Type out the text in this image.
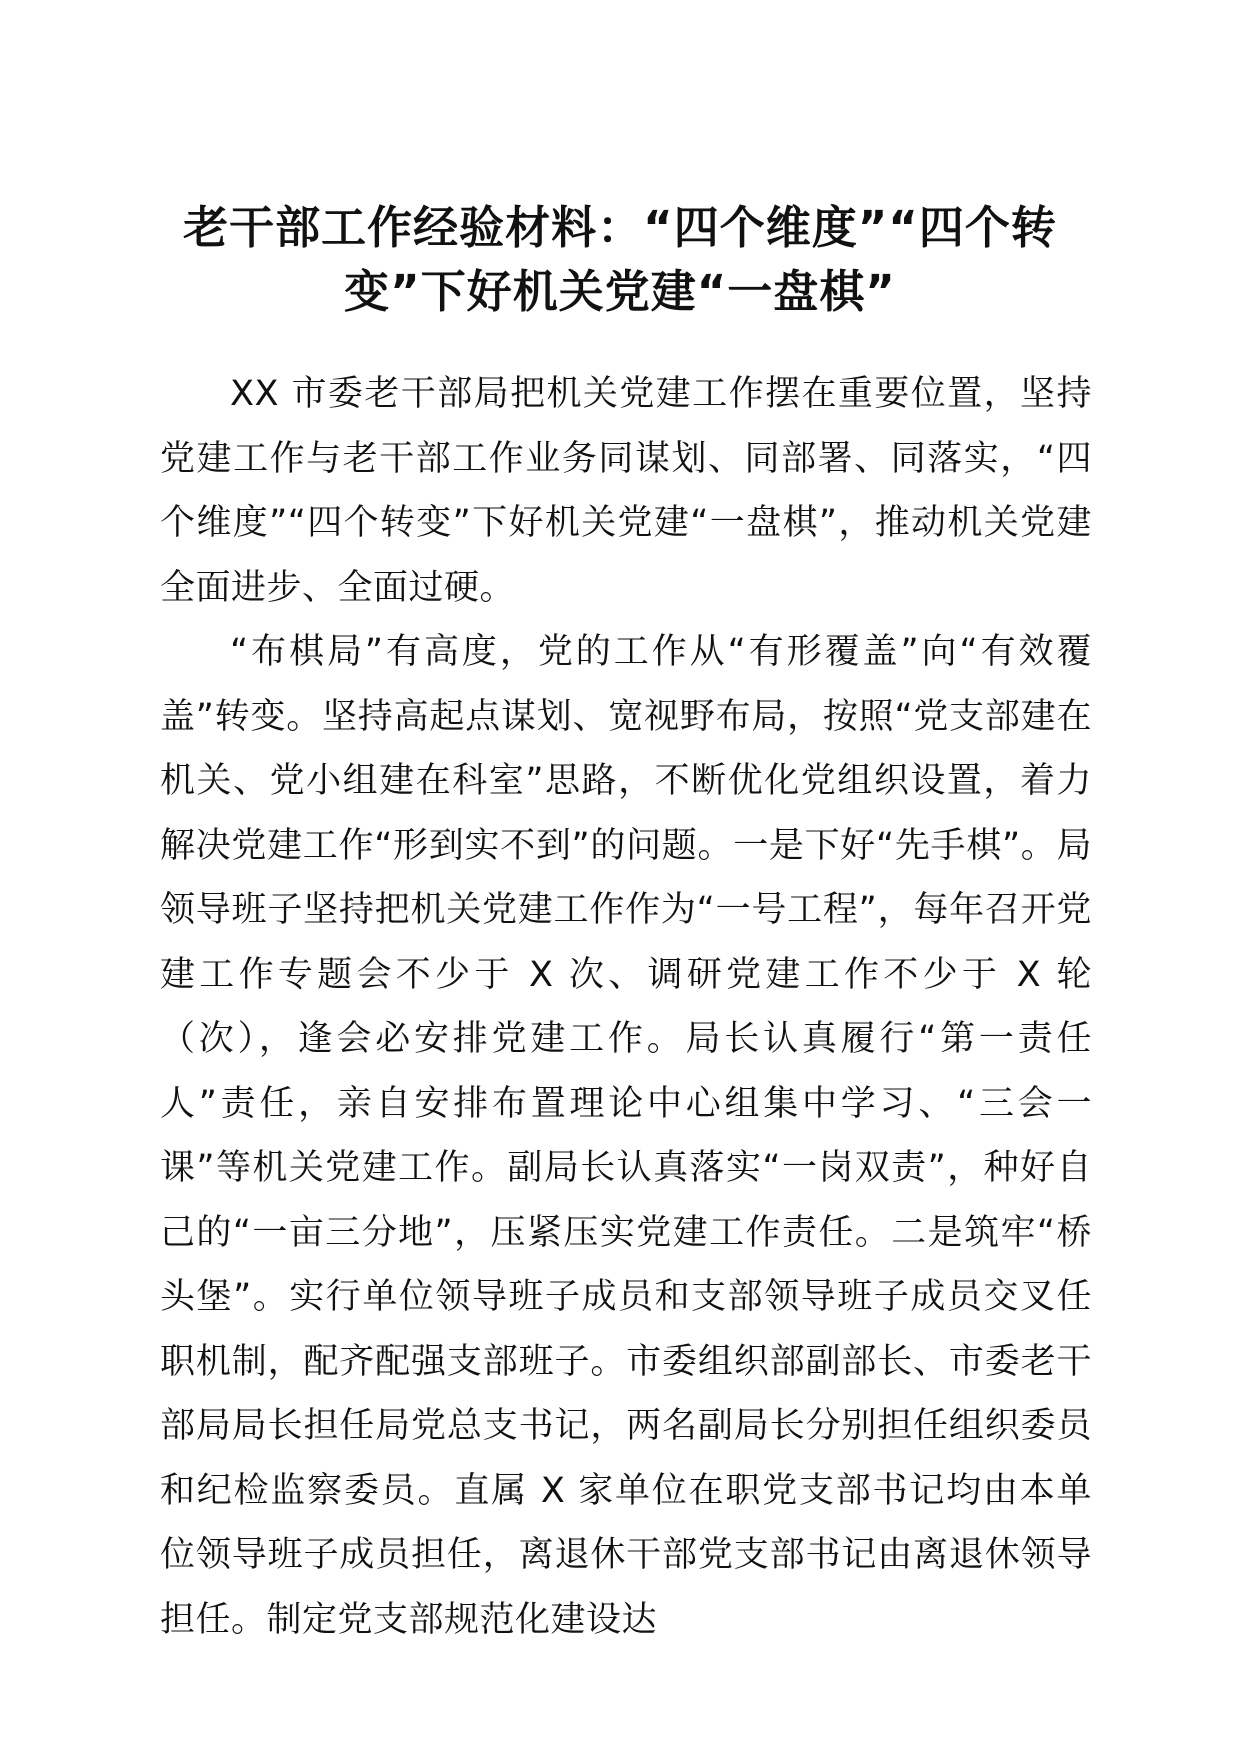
老干部工作经验材料：“四个维度”“四个转变”下好机关党建“一盘棋”

XX 市委老干部局把机关党建工作摆在重要位置，坚持党建工作与老干部工作业务同谋划、同部署、同落实，“四个维度”“四个转变”下好机关党建“一盘棋”，推动机关党建全面进步、全面过硬。

“布棋局”有高度，党的工作从“有形覆盖”向“有效覆盖”转变。坚持高起点谋划、宽视野布局，按照“党支部建在机关、党小组建在科室”思路，不断优化党组织设置，着力解决党建工作“形到实不到”的问题。一是下好“先手棋”。局领导班子坚持把机关党建工作作为“一号工程”，每年召开党建工作专题会不少于 X 次、调研党建工作不少于 X 轮（次），逢会必安排党建工作。局长认真履行“第一责任人”责任，亲自安排布置理论中心组集中学习、“三会一课”等机关党建工作。副局长认真落实“一岗双责”，种好自己的“一亩三分地”，压紧压实党建工作责任。二是筑牢“桥头堡”。实行单位领导班子成员和支部领导班子成员交叉任职机制，配齐配强支部班子。市委组织部副部长、市委老干部局局长担任局党总支书记，两名副局长分别担任组织委员和纪检监察委员。直属 X 家单位在职党支部书记均由本单位领导班子成员担任，离退休干部党支部书记由离退休领导担任。制定党支部规范化建设达
